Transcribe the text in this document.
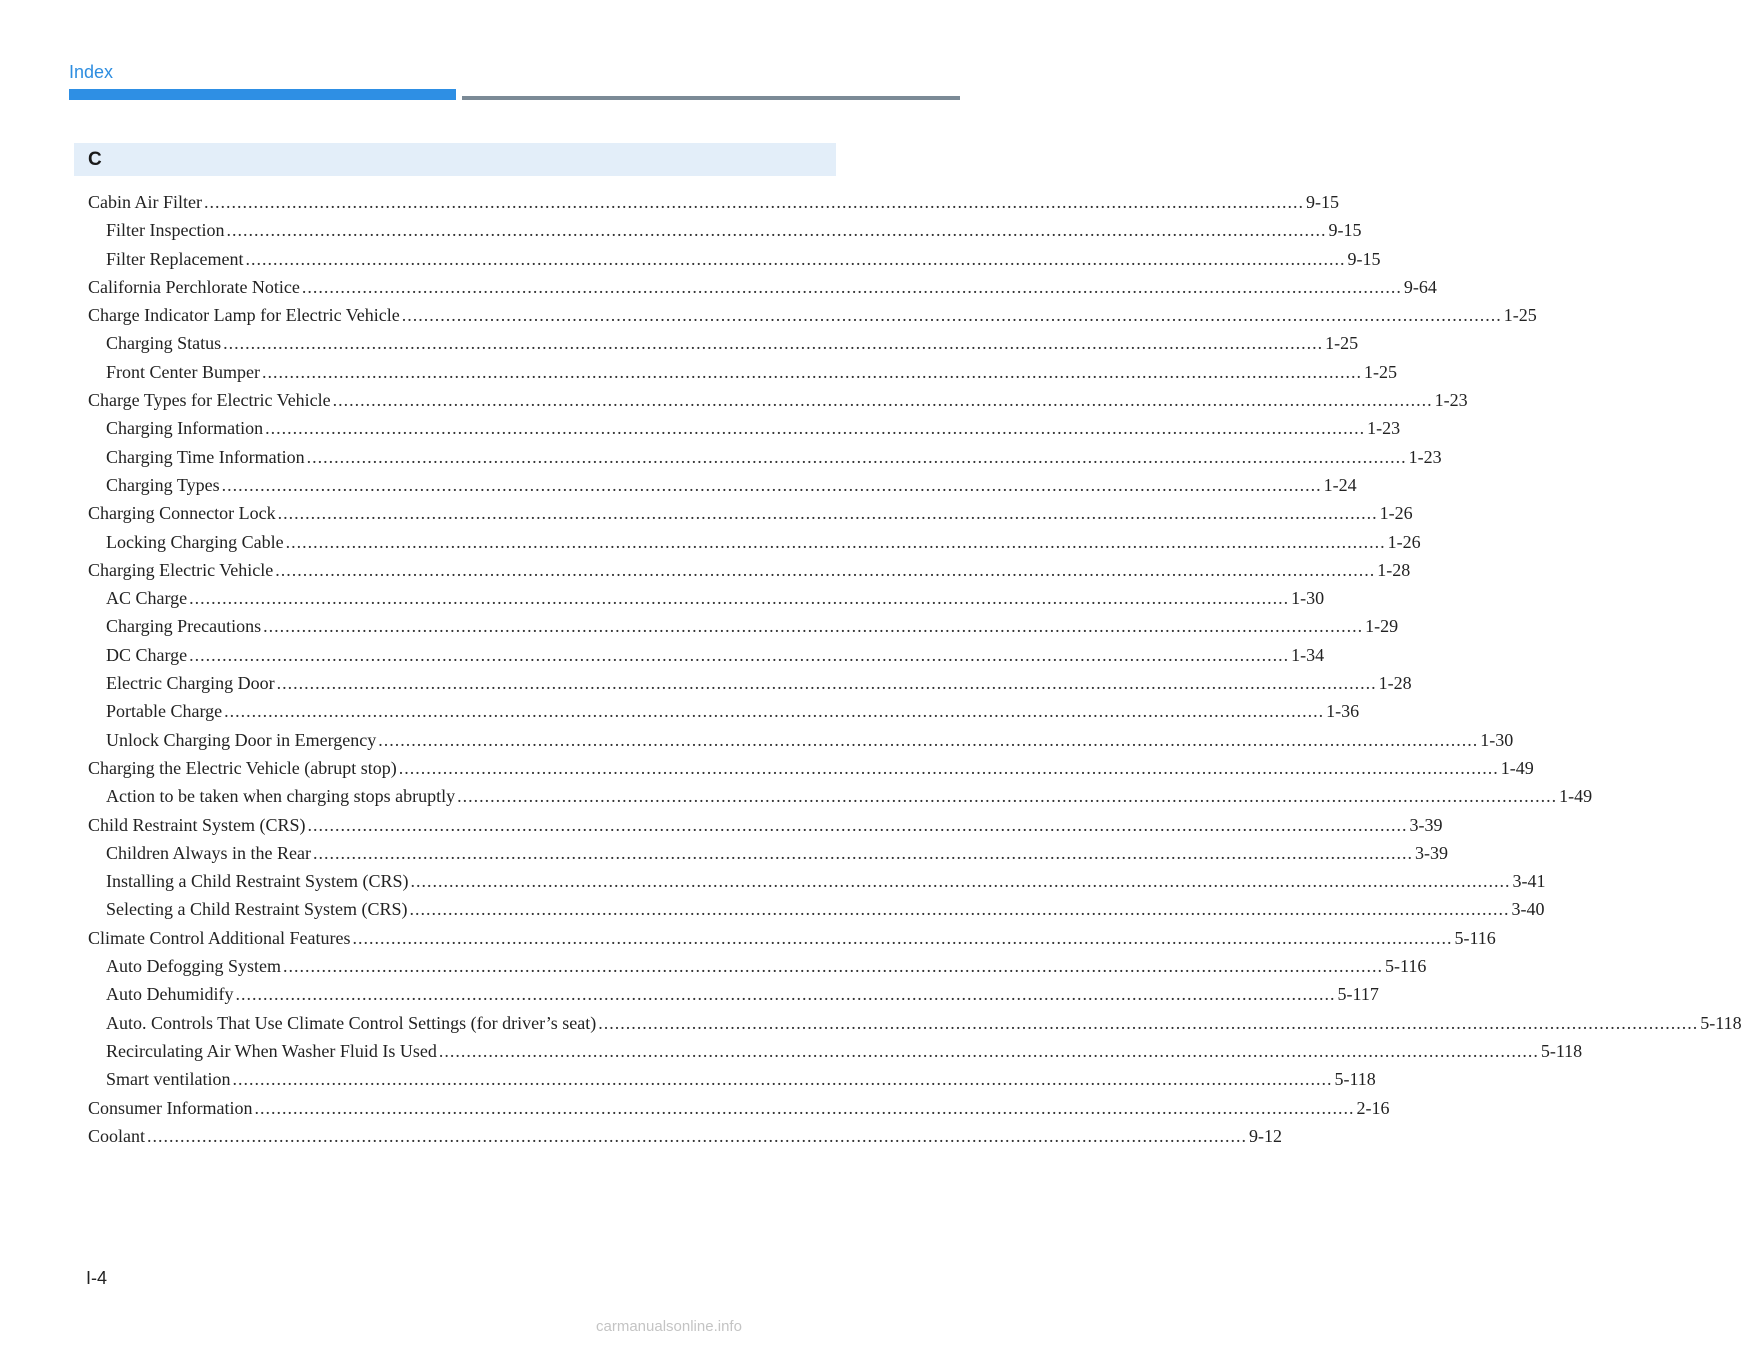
Index
C
Cabin Air Filter ........................................................................................................................................................................................................ 9-15
Filter Inspection ........................................................................................................................................................................................................ 9-15
Filter Replacement ........................................................................................................................................................................................................ 9-15
California Perchlorate Notice ........................................................................................................................................................................................................ 9-64
Charge Indicator Lamp for Electric Vehicle ........................................................................................................................................................................................................ 1-25
Charging Status ........................................................................................................................................................................................................ 1-25
Front Center Bumper ........................................................................................................................................................................................................ 1-25
Charge Types for Electric Vehicle ........................................................................................................................................................................................................ 1-23
Charging Information ........................................................................................................................................................................................................ 1-23
Charging Time Information ........................................................................................................................................................................................................ 1-23
Charging Types ........................................................................................................................................................................................................ 1-24
Charging Connector Lock ........................................................................................................................................................................................................ 1-26
Locking Charging Cable ........................................................................................................................................................................................................ 1-26
Charging Electric Vehicle ........................................................................................................................................................................................................ 1-28
AC Charge ........................................................................................................................................................................................................ 1-30
Charging Precautions ........................................................................................................................................................................................................ 1-29
DC Charge ........................................................................................................................................................................................................ 1-34
Electric Charging Door ........................................................................................................................................................................................................ 1-28
Portable Charge ........................................................................................................................................................................................................ 1-36
Unlock Charging Door in Emergency ........................................................................................................................................................................................................ 1-30
Charging the Electric Vehicle (abrupt stop) ........................................................................................................................................................................................................ 1-49
Action to be taken when charging stops abruptly ........................................................................................................................................................................................................ 1-49
Child Restraint System (CRS) ........................................................................................................................................................................................................ 3-39
Children Always in the Rear ........................................................................................................................................................................................................ 3-39
Installing a Child Restraint System (CRS) ........................................................................................................................................................................................................ 3-41
Selecting a Child Restraint System (CRS) ........................................................................................................................................................................................................ 3-40
Climate Control Additional Features ........................................................................................................................................................................................................ 5-116
Auto Defogging System ........................................................................................................................................................................................................ 5-116
Auto Dehumidify ........................................................................................................................................................................................................ 5-117
Auto. Controls That Use Climate Control Settings (for driver’s seat) ........................................................................................................................................................................................................ 5-118
Recirculating Air When Washer Fluid Is Used ........................................................................................................................................................................................................ 5-118
Smart ventilation ........................................................................................................................................................................................................ 5-118
Consumer Information ........................................................................................................................................................................................................ 2-16
Coolant ........................................................................................................................................................................................................ 9-12
I-4
carmanualsonline.info
